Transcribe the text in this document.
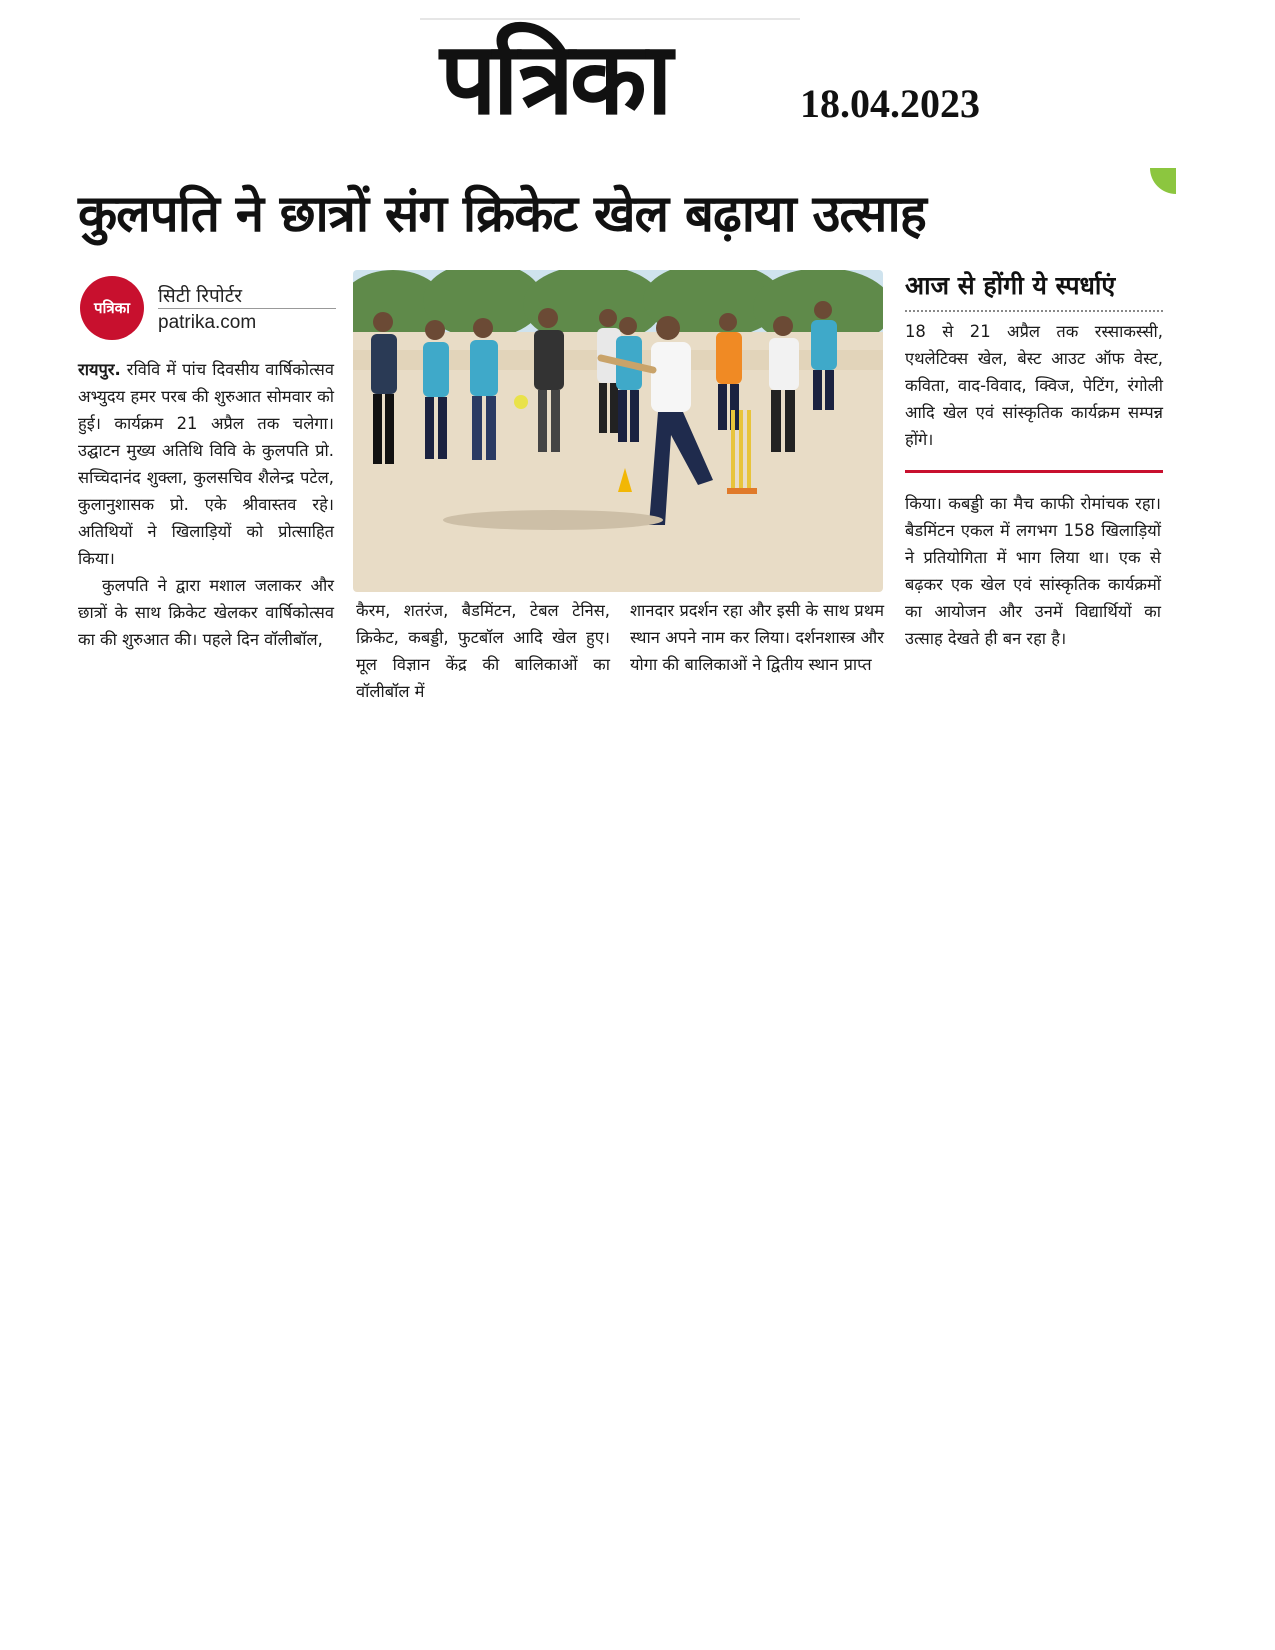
पत्रिका	18.04.2023
कुलपति ने छात्रों संग क्रिकेट खेल बढ़ाया उत्साह
पत्रिका
सिटी रिपोर्टर
patrika.com

रायपुर. रविवि में पांच दिवसीय वार्षिकोत्सव अभ्युदय हमर परब की शुरुआत सोमवार को हुई। कार्यक्रम 21 अप्रैल तक चलेगा। उद्घाटन मुख्य अतिथि विवि के कुलपति प्रो. सच्चिदानंद शुक्ला, कुलसचिव शैलेन्द्र पटेल, कुलानुशासक प्रो. एके श्रीवास्तव रहे। अतिथियों ने खिलाड़ियों को प्रोत्साहित किया।

कुलपति ने द्वारा मशाल जलाकर और छात्रों के साथ क्रिकेट खेलकर वार्षिकोत्सव का की शुरुआत की। पहले दिन वॉलीबॉल,

कैरम, शतरंज, बैडमिंटन, टेबल टेनिस, क्रिकेट, कबड्डी, फुटबॉल आदि खेल हुए। मूल विज्ञान केंद्र की बालिकाओं का वॉलीबॉल में

शानदार प्रदर्शन रहा और इसी के साथ प्रथम स्थान अपने नाम कर लिया। दर्शनशास्त्र और योगा की बालिकाओं ने द्वितीय स्थान प्राप्त

आज से होंगी ये स्पर्धाएं

18 से 21 अप्रैल तक रस्साकस्सी, एथलेटिक्स खेल, बेस्ट आउट ऑफ वेस्ट, कविता, वाद-विवाद, क्विज, पेटिंग, रंगोली आदि खेल एवं सांस्कृतिक कार्यक्रम सम्पन्न होंगे।

किया। कबड्डी का मैच काफी रोमांचक रहा। बैडमिंटन एकल में लगभग 158 खिलाड़ियों ने प्रतियोगिता में भाग लिया था। एक से बढ़कर एक खेल एवं सांस्कृतिक कार्यक्रमों का आयोजन और उनमें विद्यार्थियों का उत्साह देखते ही बन रहा है।
